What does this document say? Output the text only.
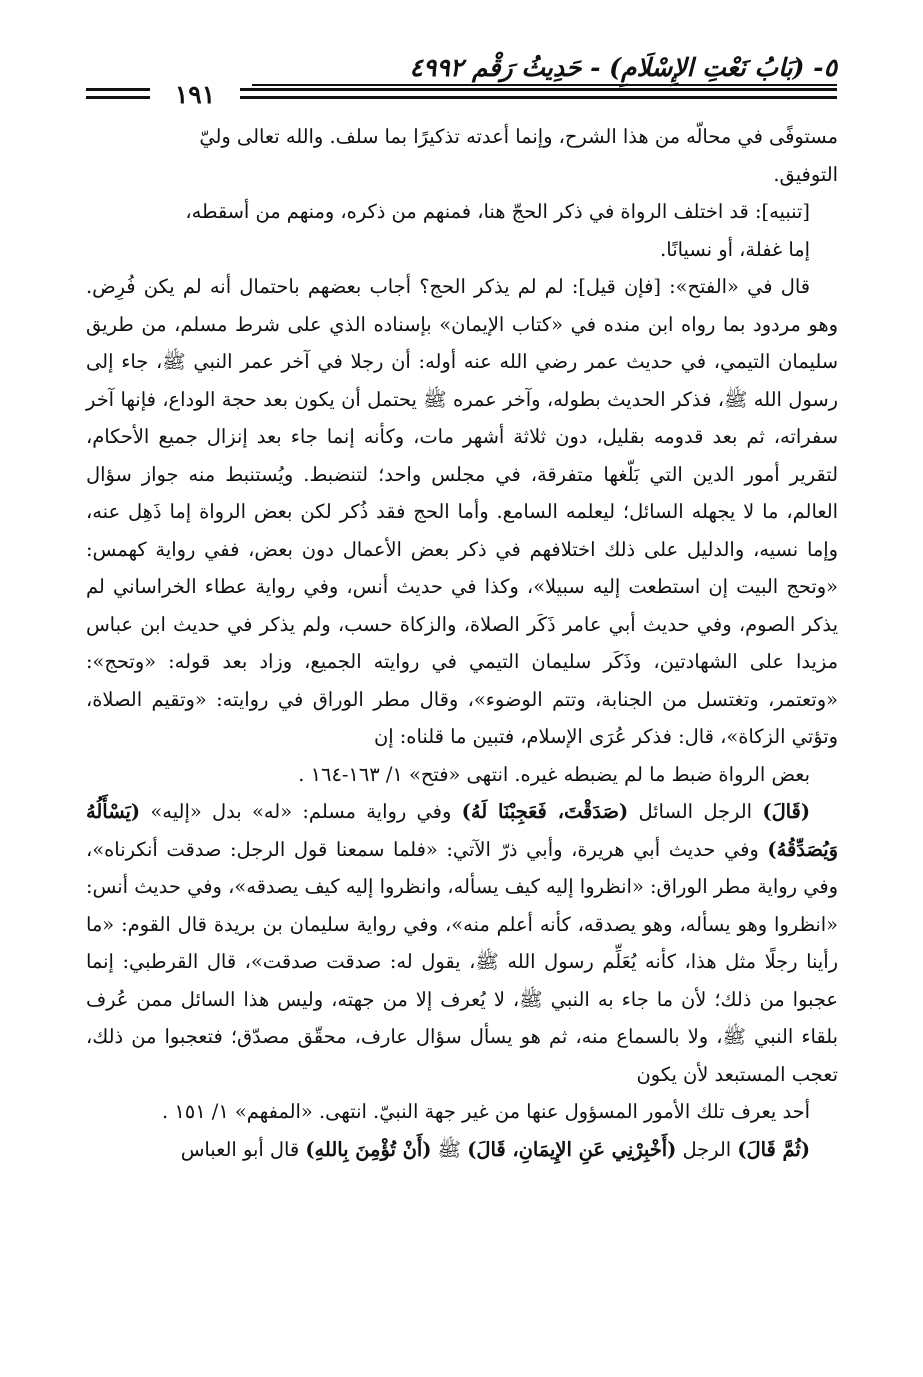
٥- (بَابُ نَعْتِ الإِسْلَامِ) - حَدِيثُ رَقْم ٤٩٩٢
١٩١

مستوفًى في محالّه من هذا الشرح، وإنما أعدته تذكيرًا بما سلف. والله تعالى وليّ
التوفيق.

[تنبيه]: قد اختلف الرواة في ذكر الحجّ هنا، فمنهم من ذكره، ومنهم من أسقطه،
إما غفلة، أو نسيانًا.

قال في «الفتح»: [فإن قيل]: لم لم يذكر الحج؟ أجاب بعضهم باحتمال أنه لم يكن فُرِض. وهو مردود بما رواه ابن منده في «كتاب الإيمان» بإسناده الذي على شرط مسلم، من طريق سليمان التيمي، في حديث عمر رضي الله عنه أوله: أن رجلا في آخر عمر النبي ﷺ، جاء إلى رسول الله ﷺ، فذكر الحديث بطوله، وآخر عمره ﷺ يحتمل أن يكون بعد حجة الوداع، فإنها آخر سفراته، ثم بعد قدومه بقليل، دون ثلاثة أشهر مات، وكأنه إنما جاء بعد إنزال جميع الأحكام، لتقرير أمور الدين التي بَلّغها متفرقة، في مجلس واحد؛ لتنضبط. ويُستنبط منه جواز سؤال العالم، ما لا يجهله السائل؛ ليعلمه السامع. وأما الحج فقد ذُكر لكن بعض الرواة إما ذَهِل عنه، وإما نسيه، والدليل على ذلك اختلافهم في ذكر بعض الأعمال دون بعض، ففي رواية كهمس: «وتحج البيت إن استطعت إليه سبيلا»، وكذا في حديث أنس، وفي رواية عطاء الخراساني لم يذكر الصوم، وفي حديث أبي عامر ذَكَر الصلاة، والزكاة حسب، ولم يذكر في حديث ابن عباس مزيدا على الشهادتين، وذَكَر سليمان التيمي في روايته الجميع، وزاد بعد قوله: «وتحج»: «وتعتمر، وتغتسل من الجنابة، وتتم الوضوء»، وقال مطر الوراق في روايته: «وتقيم الصلاة، وتؤتي الزكاة»، قال: فذكر عُرَى الإسلام، فتبين ما قلناه: إن
بعض الرواة ضبط ما لم يضبطه غيره. انتهى «فتح» ١/ ١٦٣-١٦٤ .

(قَالَ) الرجل السائل (صَدَقْتَ، فَعَجِبْنَا لَهُ) وفي رواية مسلم: «له» بدل «إليه» (يَسْأَلُهُ وَيُصَدِّقُهُ) وفي حديث أبي هريرة، وأبي ذرّ الآتي: «فلما سمعنا قول الرجل: صدقت أنكرناه»، وفي رواية مطر الوراق: «انظروا إليه كيف يسأله، وانظروا إليه كيف يصدقه»، وفي حديث أنس: «انظروا وهو يسأله، وهو يصدقه، كأنه أعلم منه»، وفي رواية سليمان بن بريدة قال القوم: «ما رأينا رجلًا مثل هذا، كأنه يُعَلِّم رسول الله ﷺ، يقول له: صدقت صدقت»، قال القرطبي: إنما عجبوا من ذلك؛ لأن ما جاء به النبي ﷺ، لا يُعرف إلا من جهته، وليس هذا السائل ممن عُرف بلقاء النبي ﷺ، ولا بالسماع منه، ثم هو يسأل سؤال عارف، محقّق مصدّق؛ فتعجبوا من ذلك، تعجب المستبعد لأن يكون
أحد يعرف تلك الأمور المسؤول عنها من غير جهة النبيّ. انتهى. «المفهم» ١/ ١٥١ .

(ثُمَّ قَالَ) الرجل (أَخْبِرْنِي عَنِ الإِيمَانِ، قَالَ) ﷺ (أَنْ تُؤْمِنَ بِاللهِ) قال أبو العباس
